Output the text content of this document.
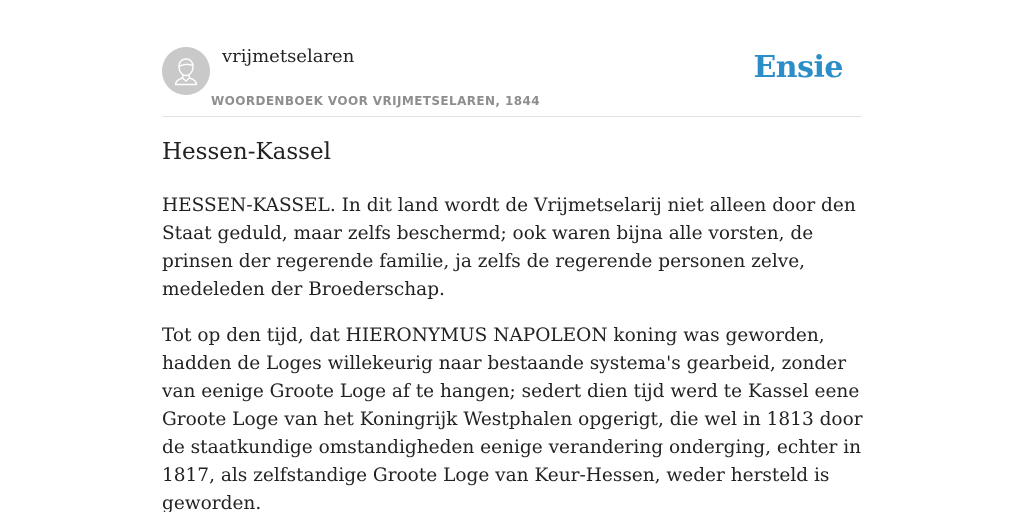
vrijmetselaren
WOORDENBOEK VOOR VRIJMETSELAREN, 1844
Ensie
Hessen-Kassel

HESSEN-KASSEL. In dit land wordt de Vrijmetselarij niet alleen door den Staat geduld, maar zelfs beschermd; ook waren bijna alle vorsten, de prinsen der regerende familie, ja zelfs de regerende personen zelve, medeleden der Broederschap.

Tot op den tijd, dat HIERONYMUS NAPOLEON koning was geworden, hadden de Loges willekeurig naar bestaande systema's gearbeid, zonder van eenige Groote Loge af te hangen; sedert dien tijd werd te Kassel eene Groote Loge van het Koningrijk Westphalen opgerigt, die wel in 1813 door de staatkundige omstandigheden eenige verandering onderging, echter in 1817, als zelfstandige Groote Loge van Keur-Hessen, weder hersteld is geworden.
